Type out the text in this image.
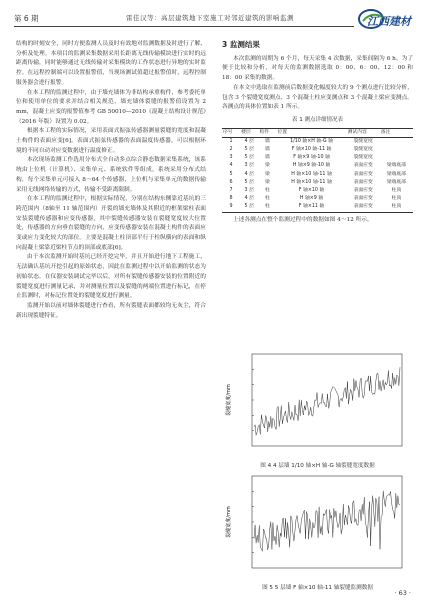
第 6 期	雷佳汉等：高层建筑地下室施工对邻近建筑的影响监测	江西建材

结构的时刻安全，同时方便监测人员及时有效地对监测数据及时进行了解、分析及处理。本项目的监测采集数据采用长距离无线传输模块进行实时的远距离传输，同时能够通过无线传输对采集模块的工作状态进行异地的实时监控。在远程控制端可以设置报警值，当现场测试值超过报警值时，远程控制服务器会进行报警。

在本工程的监测过程中，由于墙充墙体为非结构承重构件，参考委托单位和使用单位的要求并结合相关规范，墙充墙体裂缝的报警值设置为 2 mm，混凝土应变的报警值参考 GB 50010—2010《混凝土结构设计规范》（2016 年版）设置为 0.02。

根据本工程的实际情况，采用表面式振弦传感器测量裂缝的宽度和混凝土构件的表面应变[6]。表面式振弦传感器的表面温度传感器，可以根据环境的不同自动对应变数据进行温度修正。

本次现场监测工作选用分布式全自动多点综合静态数据采集系统，该系统由上位机（计算机）、采集单元、系统软件等组成，系统采用分布式结构，每个采集单元可接入 8～64 个传感器，上位机与采集单元的数据传输采用无线网络传输的方式，传输不受距离限制。

在本工程的监测过程中，根据实际情况，分别在结构东侧靠近基坑的三跨范围内（8轴至 11 轴范围内）开裂的墙充墙体及其附近的框架梁柱表面安装裂缝传感器和应变传感器，其中裂缝传感器安装在裂缝宽度较大位置处，传感器的方向垂直裂缝的方向，应变传感器安装在混凝土构件的表面应变或应力变化较大的部位。主要是混凝土柱顶部平行于柱纵横向的表面和纵向混凝土梁靠近梁柱节点的顶部或底部[6]。

由于本次监测开始时基坑已经开挖完毕，并且开始进行地下工程施工，无法确认基坑开挖引起的原始状态，因此在监测过程中以开始监测的状态为初始状态。在仪器安装调试完毕以后，对所有裂缝传感器安装的位置附近的裂缝宽度进行测量记录，并对测量位置以及裂缝的两端位置进行标记，在停止监测时，对标记位置处的裂缝宽度进行测量。

监测开始以前对墙体裂缝进行查看，所有裂缝表面都较均无灰尘，符合新出现裂缝特征。

3 监测结果

本次监测的周期为 6 个月，每天采集 4 次数据，采集间隔为 6 h。为了便于比较和分析，对每天的监测数据选取 0：00、6：00、12：00 和 18：00 采集的数据。

在本文中选取在监测前后数据变化幅度较大的 9 个测点进行比较分析，包含 3 个裂缝宽度测点、3 个混凝土柱应变测点和 3 个混凝土梁应变测点。各测点的具体位置如表 1 所示。

表 1 测点详细情况表
序号	楼层	构件	位置	测试内容	备注
1	4 层	墙	1/10 轴×H 轴-G 轴	裂缝宽度	
2	5 层	墙	F 轴×10 轴-11 轴	裂缝宽度	
3	5 层	墙	F 轴×9 轴-10 轴	裂缝宽度	
4	3 层	梁	H 轴×9 轴-10 轴	表面应变	梁端底部
5	4 层	梁	H 轴×10 轴-11 轴	表面应变	梁端底部
6	5 层	梁	H 轴×10 轴-11 轴	表面应变	梁端底部
7	3 层	柱	F 轴×10 轴	表面应变	柱顶
8	4 层	柱	H 轴×9 轴	表面应变	柱顶
9	5 层	柱	F 轴×11 轴	表面应变	柱顶

上述各测点在整个监测过程中的数据如图 4～12 所示。

裂缝宽度/mm
图 4 4 层墙 1/10 轴×H 轴-G 轴裂缝宽度数据
裂缝宽度/mm
图 5 5 层墙 F 轴×10 轴-11 轴裂缝监测数据
· 63 ·
